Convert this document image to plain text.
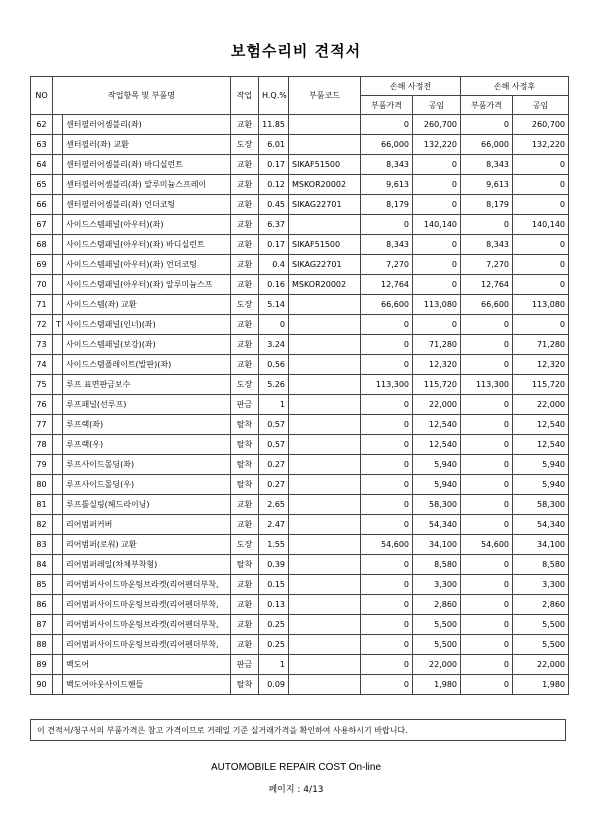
보험수리비 견적서
NO	작업항목 및 부품명		작업	H.Q.%	부품코드	손해 사정전		손해 사정후	
						부품가격	공임	부품가격	공임
62		센터필러어셈블리(좌)	교환	11.85		0	260,700	0	260,700
63		센터필러(좌) 교환	도장	6.01		66,000	132,220	66,000	132,220
64		센터필러어셈블리(좌) 바디실런트	교환	0.17	SIKAF51500	8,343	0	8,343	0
65		센터필러어셈블리(좌) 알루미늄스프레이	교환	0.12	MSKOR20002	9,613	0	9,613	0
66		센터필러어셈블리(좌) 언더코팅	교환	0.45	SIKAG22701	8,179	0	8,179	0
67		사이드스템패널(아우터)(좌)	교환	6.37		0	140,140	0	140,140
68		사이드스템패널(아우터)(좌) 바디실런트	교환	0.17	SIKAF51500	8,343	0	8,343	0
69		사이드스템패널(아우터)(좌) 언더코팅	교환	0.4	SIKAG22701	7,270	0	7,270	0
70		사이드스템패널(아우터)(좌) 알루미늄스프	교환	0.16	MSKOR20002	12,764	0	12,764	0
71		사이드스템(좌) 교환	도장	5.14		66,600	113,080	66,600	113,080
72	T	사이드스템패널(인너)(좌)	교환	0		0	0	0	0
73		사이드스템패널(보강)(좌)	교환	3.24		0	71,280	0	71,280
74		사이드스템플레이트(발판)(좌)	교환	0.56		0	12,320	0	12,320
75		루프 표면판금보수	도장	5.26		113,300	115,720	113,300	115,720
76		루프패널(선루프)	판금	1		0	22,000	0	22,000
77		루프랙(좌)	탈착	0.57		0	12,540	0	12,540
78		루프랙(우)	탈착	0.57		0	12,540	0	12,540
79		루프사이드몰딩(좌)	탈착	0.27		0	5,940	0	5,940
80		루프사이드몰딩(우)	탈착	0.27		0	5,940	0	5,940
81		루프틀실링(헤드라이닝)	교환	2.65		0	58,300	0	58,300
82		리어범퍼커버	교환	2.47		0	54,340	0	54,340
83		리어범퍼(로워) 교환	도장	1.55		54,600	34,100	54,600	34,100
84		리어범퍼레일(차체부착형)	탈착	0.39		0	8,580	0	8,580
85		리어범퍼사이드마운팅브라켓(리어펜더부착,	교환	0.15		0	3,300	0	3,300
86		리어범퍼사이드마운팅브라켓(리어펜더부착,	교환	0.13		0	2,860	0	2,860
87		리어범퍼사이드마운팅브라켓(리어펜더부착,	교환	0.25		0	5,500	0	5,500
88		리어범퍼사이드마운팅브라켓(리어펜더부착,	교환	0.25		0	5,500	0	5,500
89		백도어	판금	1		0	22,000	0	22,000
90		백도어아웃사이드핸들	탈착	0.09		0	1,980	0	1,980
이 견적서/청구서의 부품가격은 참고 가격이므로 거래일 기준 실거래가격을 확인하여 사용하시기 바랍니다.
AUTOMOBILE REPAIR COST On-line
페이지 : 4/13
